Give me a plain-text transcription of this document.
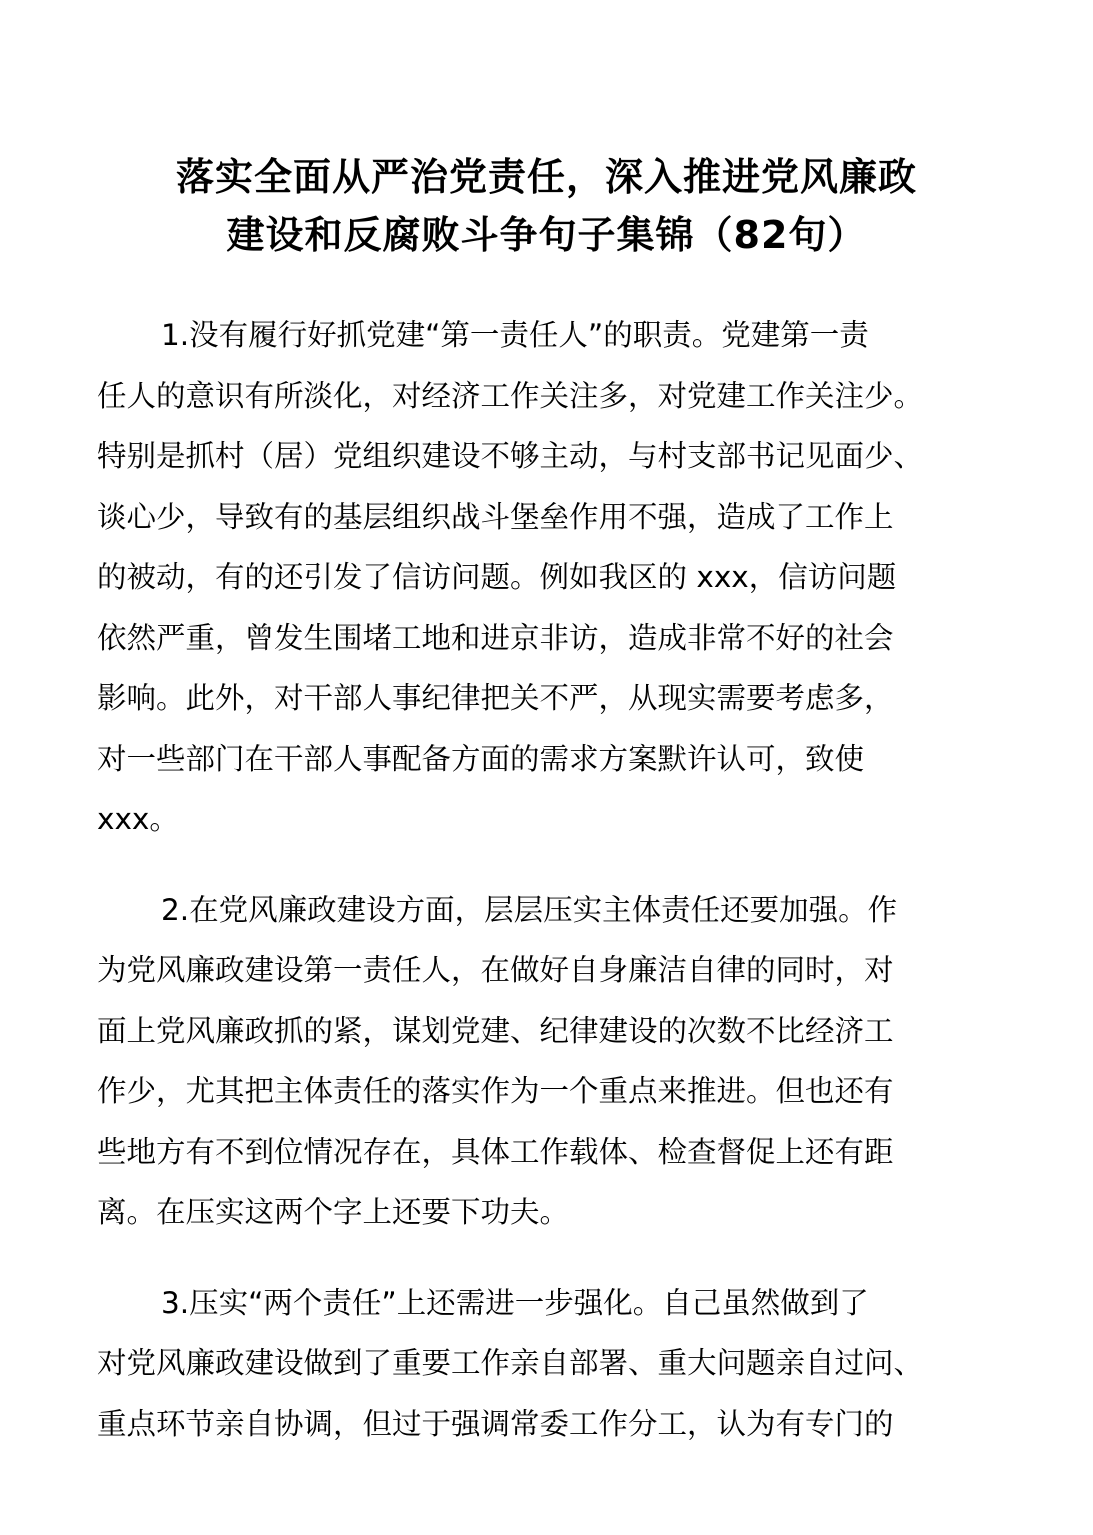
落实全面从严治党责任，深入推进党风廉政
建设和反腐败斗争句子集锦（82句）

1.没有履行好抓党建“第一责任人”的职责。党建第一责
任人的意识有所淡化，对经济工作关注多，对党建工作关注少。
特别是抓村（居）党组织建设不够主动，与村支部书记见面少、
谈心少，导致有的基层组织战斗堡垒作用不强，造成了工作上
的被动，有的还引发了信访问题。例如我区的 xxx，信访问题
依然严重，曾发生围堵工地和进京非访，造成非常不好的社会
影响。此外，对干部人事纪律把关不严，从现实需要考虑多，
对一些部门在干部人事配备方面的需求方案默许认可，致使
xxx。

2.在党风廉政建设方面，层层压实主体责任还要加强。作
为党风廉政建设第一责任人，在做好自身廉洁自律的同时，对
面上党风廉政抓的紧，谋划党建、纪律建设的次数不比经济工
作少，尤其把主体责任的落实作为一个重点来推进。但也还有
些地方有不到位情况存在，具体工作载体、检查督促上还有距
离。在压实这两个字上还要下功夫。

3.压实“两个责任”上还需进一步强化。自己虽然做到了
对党风廉政建设做到了重要工作亲自部署、重大问题亲自过问、
重点环节亲自协调，但过于强调常委工作分工，认为有专门的
